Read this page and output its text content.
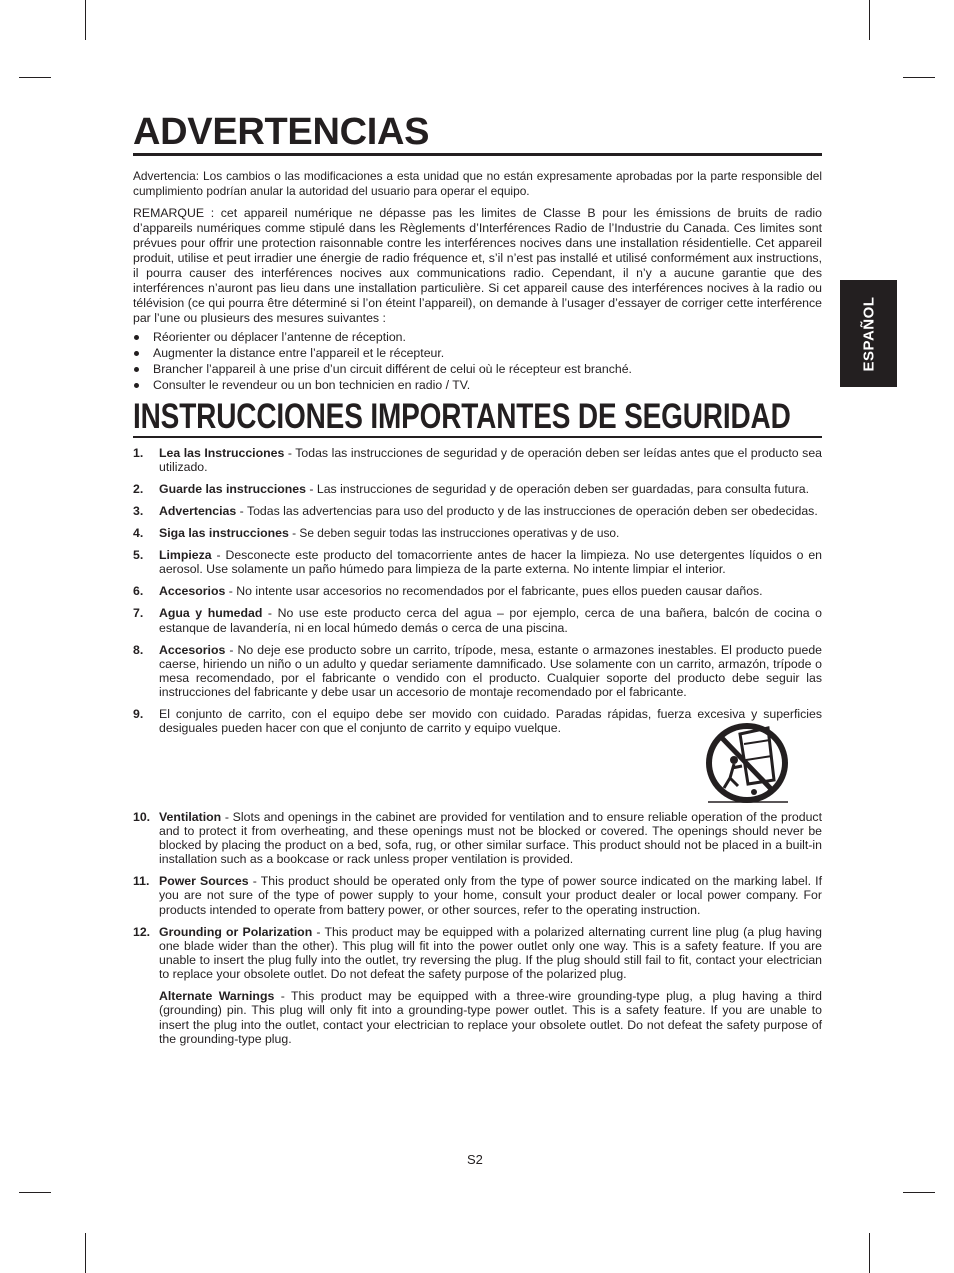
ESPAÑOL
ADVERTENCIAS

Advertencia: Los cambios o las modificaciones a esta unidad que no están expresamente aprobadas por la parte responsible del cumplimiento podrían anular la autoridad del usuario para operar el equipo.

REMARQUE : cet appareil numérique ne dépasse pas les limites de Classe B pour les émissions de bruits de radio d’appareils numériques comme stipulé dans les Règlements d’Interférences Radio de l’Industrie du Canada. Ces limites sont prévues pour offrir une protection raisonnable contre les interférences nocives dans une installation résidentielle. Cet appareil produit, utilise et peut irradier une énergie de radio fréquence et, s’il n’est pas installé et utilisé conformément aux instructions, il pourra causer des interférences nocives aux communications radio. Cependant, il n’y a aucune garantie que des interférences n’auront pas lieu dans une installation particulière. Si cet appareil cause des interférences nocives à la radio ou télévision (ce qui pourra être déterminé si l’on éteint l’appareil), on demande à l’usager d’essayer de corriger cette interférence par l’une ou plusieurs des mesures suivantes :

Réorienter ou déplacer l’antenne de réception.
Augmenter la distance entre l’appareil et le récepteur.
Brancher l’appareil à une prise d’un circuit différent de celui où le récepteur est branché.
Consulter le revendeur ou un bon technicien en radio / TV.
INSTRUCCIONES IMPORTANTES DE SEGURIDAD
1. Lea las Instrucciones - Todas las instrucciones de seguridad y de operación deben ser leídas antes que el producto sea utilizado.
2. Guarde las instrucciones - Las instrucciones de seguridad y de operación deben ser guardadas, para consulta futura.
3. Advertencias - Todas las advertencias para uso del producto y de las instrucciones de operación deben ser obedecidas.
4. Siga las instrucciones - Se deben seguir todas las instrucciones operativas y de uso.
5. Limpieza - Desconecte este producto del tomacorriente antes de hacer la limpieza. No use detergentes líquidos o en aerosol. Use solamente un paño húmedo para limpieza de la parte externa. No intente limpiar el interior.
6. Accesorios - No intente usar accesorios no recomendados por el fabricante, pues ellos pueden causar daños.
7. Agua y humedad - No use este producto cerca del agua – por ejemplo, cerca de una bañera, balcón de cocina o estanque de lavandería, ni en local húmedo demás o cerca de una piscina.
8. Accesorios - No deje ese producto sobre un carrito, trípode, mesa, estante o armazones inestables. El producto puede caerse, hiriendo un niño o un adulto y quedar seriamente damnificado. Use solamente con un carrito, armazón, trípode o mesa recomendado, por el fabricante o vendido con el producto. Cualquier soporte del producto debe seguir las instrucciones del fabricante y debe usar un accesorio de montaje recomendado por el fabricante.
9. El conjunto de carrito, con el equipo debe ser movido con cuidado. Paradas rápidas, fuerza excesiva y superficies desiguales pueden hacer con que el conjunto de carrito y equipo vuelque.
10. Ventilation - Slots and openings in the cabinet are provided for ventilation and to ensure reliable operation of the product and to protect it from overheating, and these openings must not be blocked or covered. The openings should never be blocked by placing the product on a bed, sofa, rug, or other similar surface. This product should not be placed in a built-in installation such as a bookcase or rack unless proper ventilation is provided.
11. Power Sources - This product should be operated only from the type of power source indicated on the marking label. If you are not sure of the type of power supply to your home, consult your product dealer or local power company. For products intended to operate from battery power, or other sources, refer to the operating instruction.
12. Grounding or Polarization - This product may be equipped with a polarized alternating current line plug (a plug having one blade wider than the other). This plug will fit into the power outlet only one way. This is a safety feature. If you are unable to insert the plug fully into the outlet, try reversing the plug. If the plug should still fail to fit, contact your electrician to replace your obsolete outlet. Do not defeat the safety purpose of the polarized plug.
Alternate Warnings - This product may be equipped with a three-wire grounding-type plug, a plug having a third (grounding) pin. This plug will only fit into a grounding-type power outlet. This is a safety feature. If you are unable to insert the plug into the outlet, contact your electrician to replace your obsolete outlet. Do not defeat the safety purpose of the grounding-type plug.
S2
